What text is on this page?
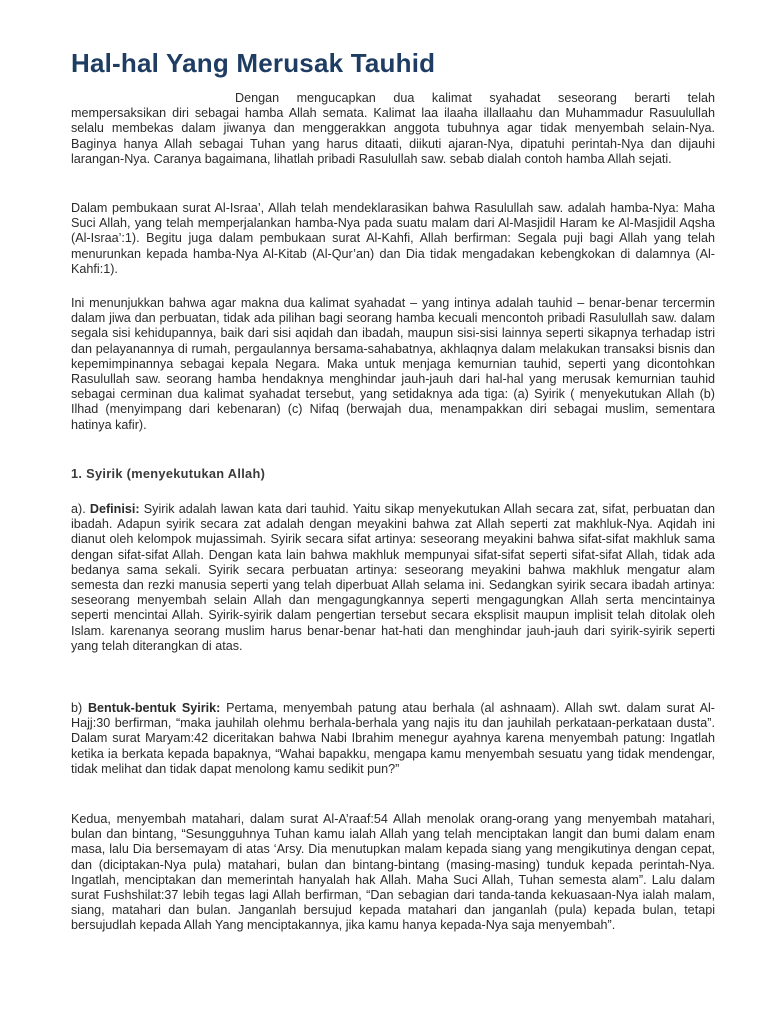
Hal-hal Yang Merusak Tauhid

Dengan mengucapkan dua kalimat syahadat seseorang berarti telah mempersaksikan diri sebagai hamba Allah semata. Kalimat laa ilaaha illallaahu dan Muhammadur Rasuulullah selalu membekas dalam jiwanya dan menggerakkan anggota tubuhnya agar tidak menyembah selain-Nya. Baginya hanya Allah sebagai Tuhan yang harus ditaati, diikuti ajaran-Nya, dipatuhi perintah-Nya dan dijauhi larangan-Nya. Caranya bagaimana, lihatlah pribadi Rasulullah saw. sebab dialah contoh hamba Allah sejati.

Dalam pembukaan surat Al-Israa’, Allah telah mendeklarasikan bahwa Rasulullah saw. adalah hamba-Nya: Maha Suci Allah, yang telah memperjalankan hamba-Nya pada suatu malam dari Al-Masjidil Haram ke Al-Masjidil Aqsha (Al-Israa’:1). Begitu juga dalam pembukaan surat Al-Kahfi, Allah berfirman: Segala puji bagi Allah yang telah menurunkan kepada hamba-Nya Al-Kitab (Al-Qur’an) dan Dia tidak mengadakan kebengkokan di dalamnya (Al-Kahfi:1).

Ini menunjukkan bahwa agar makna dua kalimat syahadat – yang intinya adalah tauhid – benar-benar tercermin dalam jiwa dan perbuatan, tidak ada pilihan bagi seorang hamba kecuali mencontoh pribadi Rasulullah saw. dalam segala sisi kehidupannya, baik dari sisi aqidah dan ibadah, maupun sisi-sisi lainnya seperti sikapnya terhadap istri dan pelayanannya di rumah, pergaulannya bersama-sahabatnya, akhlaqnya dalam melakukan transaksi bisnis dan kepemimpinannya sebagai kepala Negara. Maka untuk menjaga kemurnian tauhid, seperti yang dicontohkan Rasulullah saw. seorang hamba hendaknya menghindar jauh-jauh dari hal-hal yang merusak kemurnian tauhid sebagai cerminan dua kalimat syahadat tersebut, yang setidaknya ada tiga: (a) Syirik ( menyekutukan Allah (b) Ilhad (menyimpang dari kebenaran) (c) Nifaq (berwajah dua, menampakkan diri sebagai muslim, sementara hatinya kafir).

1. Syirik (menyekutukan Allah)

a). Definisi: Syirik adalah lawan kata dari tauhid. Yaitu sikap menyekutukan Allah secara zat, sifat, perbuatan dan ibadah. Adapun syirik secara zat adalah dengan meyakini bahwa zat Allah seperti zat makhluk-Nya. Aqidah ini dianut oleh kelompok mujassimah. Syirik secara sifat artinya: seseorang meyakini bahwa sifat-sifat makhluk sama dengan sifat-sifat Allah. Dengan kata lain bahwa makhluk mempunyai sifat-sifat seperti sifat-sifat Allah, tidak ada bedanya sama sekali. Syirik secara perbuatan artinya: seseorang meyakini bahwa makhluk mengatur alam semesta dan rezki manusia seperti yang telah diperbuat Allah selama ini. Sedangkan syirik secara ibadah artinya: seseorang menyembah selain Allah dan mengagungkannya seperti mengagungkan Allah serta mencintainya seperti mencintai Allah. Syirik-syirik dalam pengertian tersebut secara eksplisit maupun implisit telah ditolak oleh Islam. karenanya seorang muslim harus benar-benar hat-hati dan menghindar jauh-jauh dari syirik-syirik seperti yang telah diterangkan di atas.

b) Bentuk-bentuk Syirik: Pertama, menyembah patung atau berhala (al ashnaam). Allah swt. dalam surat Al-Hajj:30 berfirman, “maka jauhilah olehmu berhala-berhala yang najis itu dan jauhilah perkataan-perkataan dusta”. Dalam surat Maryam:42 diceritakan bahwa Nabi Ibrahim menegur ayahnya karena menyembah patung: Ingatlah ketika ia berkata kepada bapaknya, “Wahai bapakku, mengapa kamu menyembah sesuatu yang tidak mendengar, tidak melihat dan tidak dapat menolong kamu sedikit pun?”

Kedua, menyembah matahari, dalam surat Al-A’raaf:54 Allah menolak orang-orang yang menyembah matahari, bulan dan bintang, “Sesungguhnya Tuhan kamu ialah Allah yang telah menciptakan langit dan bumi dalam enam masa, lalu Dia bersemayam di atas ‘Arsy. Dia menutupkan malam kepada siang yang mengikutinya dengan cepat, dan (diciptakan-Nya pula) matahari, bulan dan bintang-bintang (masing-masing) tunduk kepada perintah-Nya. Ingatlah, menciptakan dan memerintah hanyalah hak Allah. Maha Suci Allah, Tuhan semesta alam”. Lalu dalam surat Fushshilat:37 lebih tegas lagi Allah berfirman, “Dan sebagian dari tanda-tanda kekuasaan-Nya ialah malam, siang, matahari dan bulan. Janganlah bersujud kepada matahari dan janganlah (pula) kepada bulan, tetapi bersujudlah kepada Allah Yang menciptakannya, jika kamu hanya kepada-Nya saja menyembah”.
